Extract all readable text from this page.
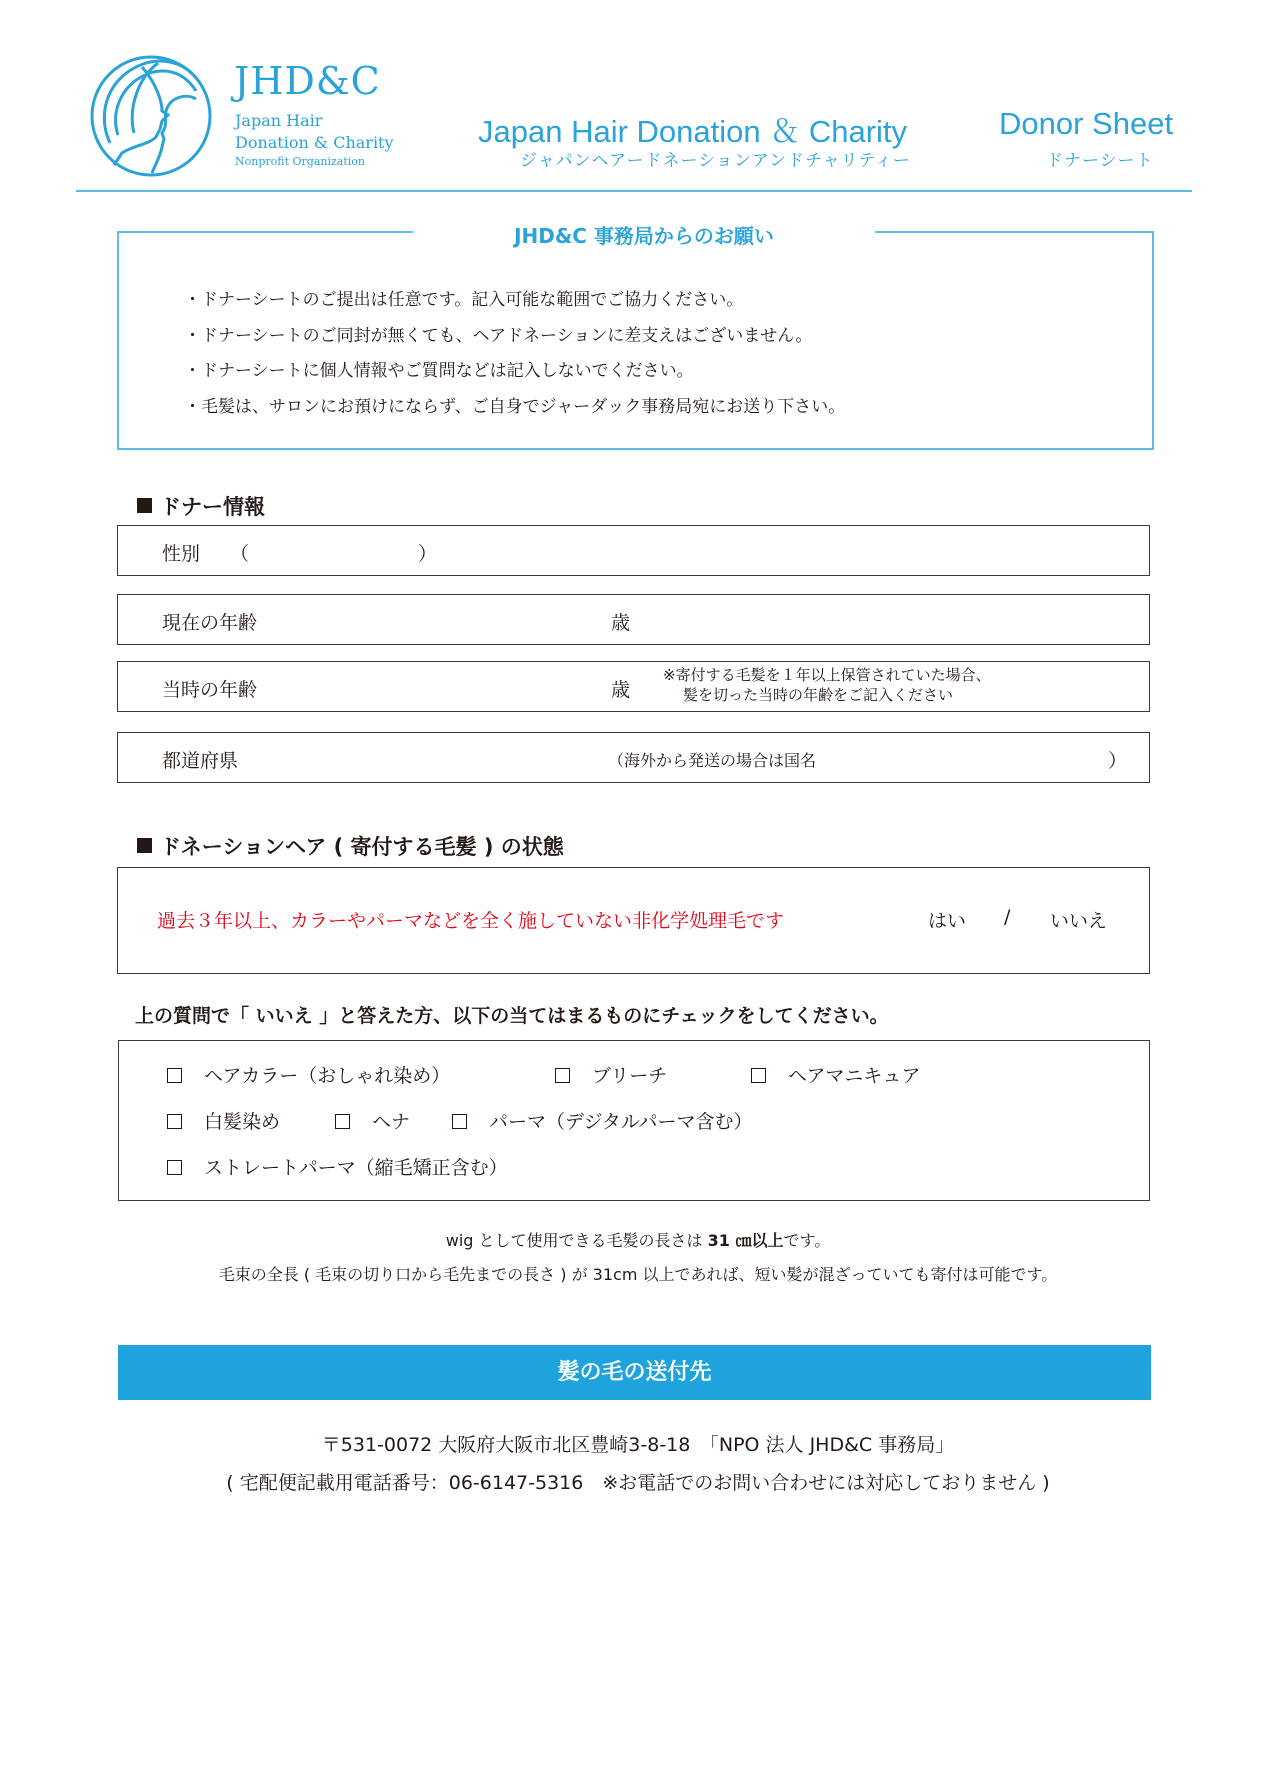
JHD&C
Japan Hair
Donation & Charity
Nonprofit Organization
Japan Hair Donation ＆ Charity
ジャパンヘアードネーションアンドチャリティー
Donor Sheet
ドナーシート
JHD&C 事務局からのお願い
・ドナーシートのご提出は任意です。記入可能な範囲でご協力ください。
・ドナーシートのご同封が無くても、ヘアドネーションに差支えはございません。
・ドナーシートに個人情報やご質問などは記入しないでください。
・毛髪は、サロンにお預けにならず、ご自身でジャーダック事務局宛にお送り下さい。
ドナー情報
性別 （	）
現在の年齢	歳
当時の年齢	歳
※寄付する毛髪を１年以上保管されていた場合、
髪を切った当時の年齢をご記入ください
都道府県	（海外から発送の場合は国名	）
ドネーションヘア ( 寄付する毛髪 ) の状態
過去３年以上、カラーやパーマなどを全く施していない非化学処理毛です	はい / いいえ
上の質問で「 いいえ 」と答えた方、以下の当てはまるものにチェックをしてください。
ヘアカラー（おしゃれ染め）	ブリーチ	ヘアマニキュア
白髪染め	ヘナ	パーマ（デジタルパーマ含む）
ストレートパーマ（縮毛矯正含む）
wig として使用できる毛髪の長さは 31 ㎝以上です。
毛束の全長 ( 毛束の切り口から毛先までの長さ ) が 31cm 以上であれば、短い髪が混ざっていても寄付は可能です。
髪の毛の送付先
〒531-0072 大阪府大阪市北区豊崎3-8-18　「NPO 法人 JHD&C 事務局」
( 宅配便記載用電話番号：06-6147-5316　※お電話でのお問い合わせには対応しておりません )
